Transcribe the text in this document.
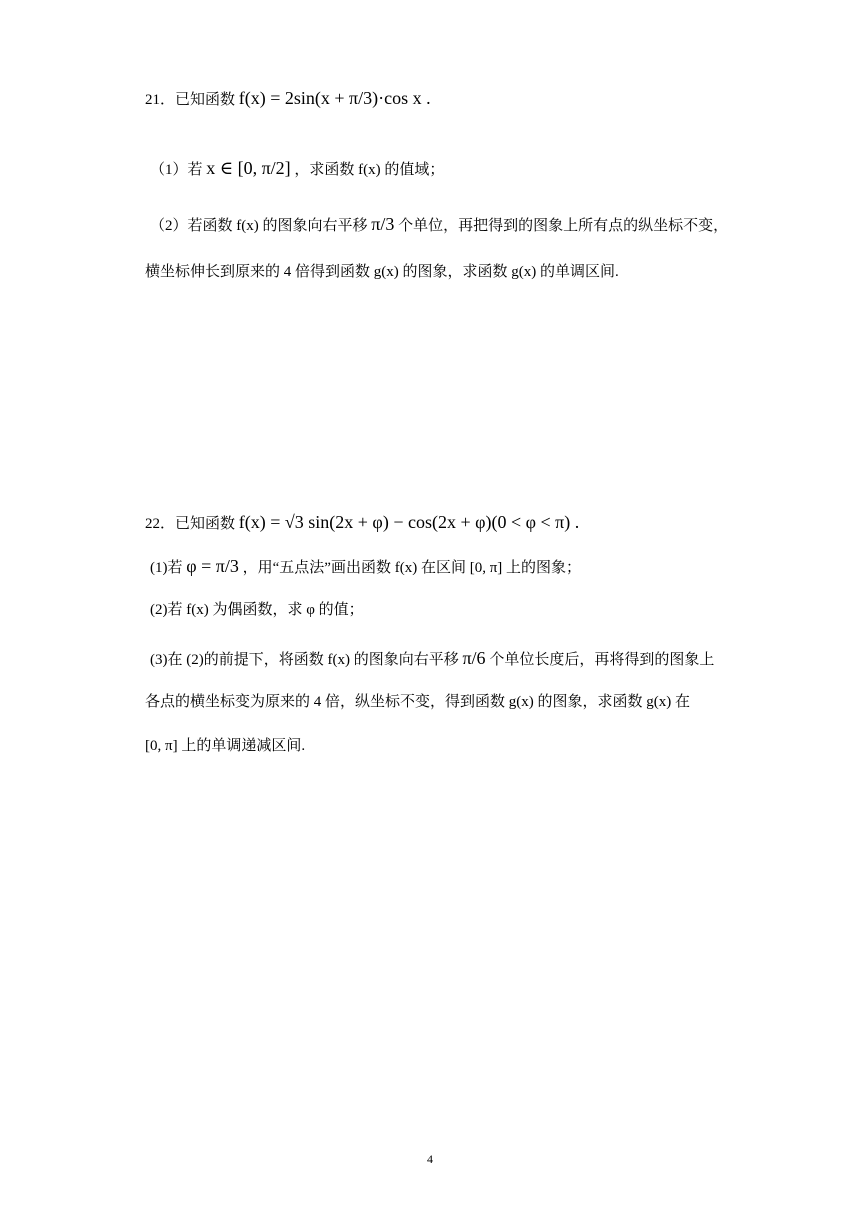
21．已知函数 f(x) = 2sin(x + π/3)·cos x .
（1）若 x ∈ [0, π/2] ，求函数 f(x) 的值域；
（2）若函数 f(x) 的图象向右平移 π/3 个单位，再把得到的图象上所有点的纵坐标不变，
横坐标伸长到原来的 4 倍得到函数 g(x) 的图象，求函数 g(x) 的单调区间.
22．已知函数 f(x) = √3 sin(2x + φ) − cos(2x + φ)(0 < φ < π) .
(1)若 φ = π/3 ，用“五点法”画出函数 f(x) 在区间 [0, π] 上的图象；
(2)若 f(x) 为偶函数，求 φ 的值；
(3)在 (2)的前提下，将函数 f(x) 的图象向右平移 π/6 个单位长度后，再将得到的图象上
各点的横坐标变为原来的 4 倍，纵坐标不变，得到函数 g(x) 的图象，求函数 g(x) 在
[0, π] 上的单调递减区间.
4
